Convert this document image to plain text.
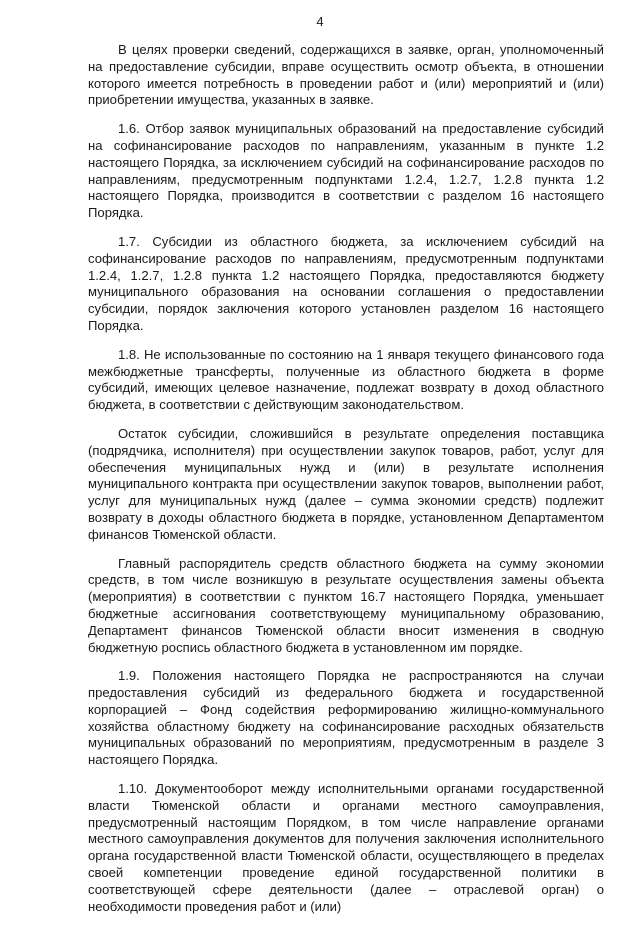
4

В целях проверки сведений, содержащихся в заявке, орган, уполномоченный на предоставление субсидии, вправе осуществить осмотр объекта, в отношении которого имеется потребность в проведении работ и (или) мероприятий и (или) приобретении имущества, указанных в заявке.

1.6. Отбор заявок муниципальных образований на предоставление субсидий на софинансирование расходов по направлениям, указанным в пункте 1.2 настоящего Порядка, за исключением субсидий на софинансирование расходов по направлениям, предусмотренным подпунктами 1.2.4, 1.2.7, 1.2.8 пункта 1.2 настоящего Порядка, производится в соответствии с разделом 16 настоящего Порядка.

1.7. Субсидии из областного бюджета, за исключением субсидий на софинансирование расходов по направлениям, предусмотренным подпунктами 1.2.4, 1.2.7, 1.2.8 пункта 1.2 настоящего Порядка, предоставляются бюджету муниципального образования на основании соглашения о предоставлении субсидии, порядок заключения которого установлен разделом 16 настоящего Порядка.

1.8. Не использованные по состоянию на 1 января текущего финансового года межбюджетные трансферты, полученные из областного бюджета в форме субсидий, имеющих целевое назначение, подлежат возврату в доход областного бюджета, в соответствии с действующим законодательством.

Остаток субсидии, сложившийся в результате определения поставщика (подрядчика, исполнителя) при осуществлении закупок товаров, работ, услуг для обеспечения муниципальных нужд и (или) в результате исполнения муниципального контракта при осуществлении закупок товаров, выполнении работ, услуг для муниципальных нужд (далее – сумма экономии средств) подлежит возврату в доходы областного бюджета в порядке, установленном Департаментом финансов Тюменской области.

Главный распорядитель средств областного бюджета на сумму экономии средств, в том числе возникшую в результате осуществления замены объекта (мероприятия) в соответствии с пунктом 16.7 настоящего Порядка, уменьшает бюджетные ассигнования соответствующему муниципальному образованию, Департамент финансов Тюменской области вносит изменения в сводную бюджетную роспись областного бюджета в установленном им порядке.

1.9. Положения настоящего Порядка не распространяются на случаи предоставления субсидий из федерального бюджета и государственной корпорацией – Фонд содействия реформированию жилищно-коммунального хозяйства областному бюджету на софинансирование расходных обязательств муниципальных образований по мероприятиям, предусмотренным в разделе 3 настоящего Порядка.

1.10. Документооборот между исполнительными органами государственной власти Тюменской области и органами местного самоуправления, предусмотренный настоящим Порядком, в том числе направление органами местного самоуправления документов для получения заключения исполнительного органа государственной власти Тюменской области, осуществляющего в пределах своей компетенции проведение единой государственной политики в соответствующей сфере деятельности (далее – отраслевой орган) о необходимости проведения работ и (или)
